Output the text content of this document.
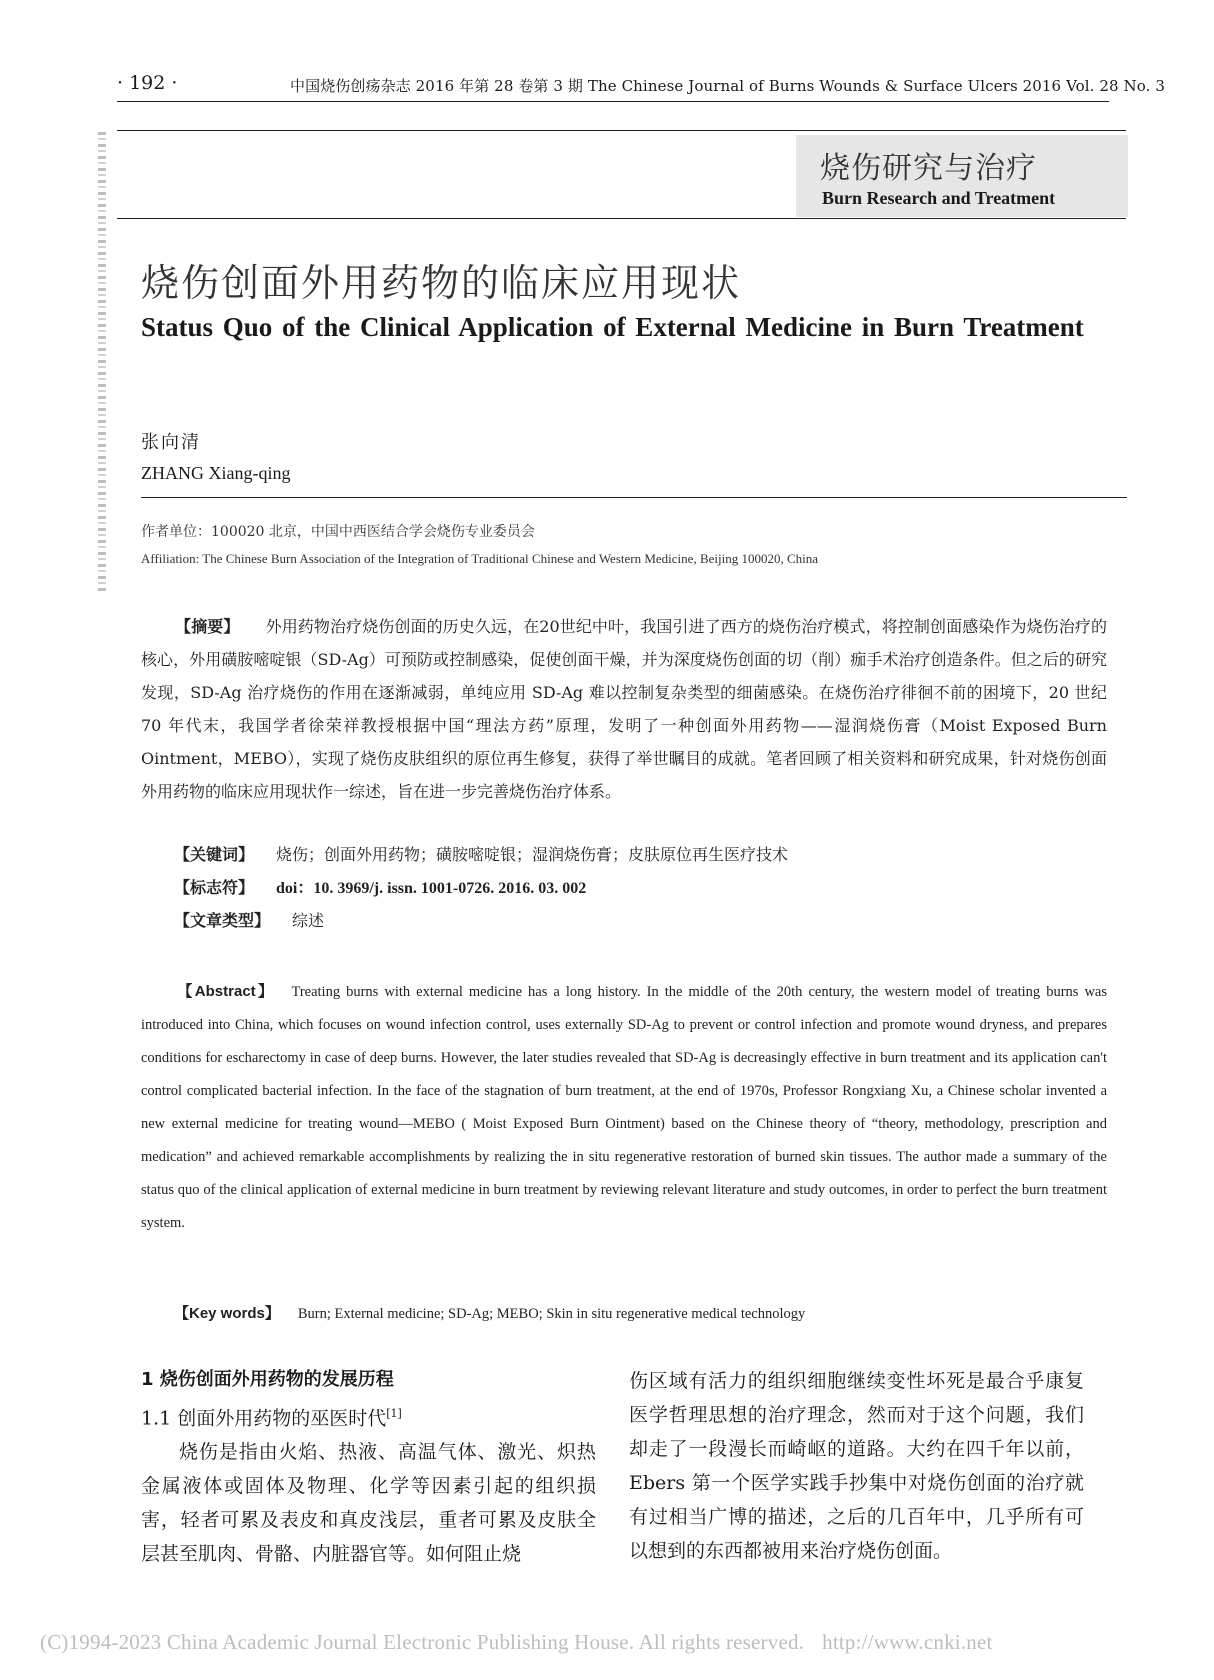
· 192 ·	中国烧伤创疡杂志 2016 年第 28 卷第 3 期 The Chinese Journal of Burns Wounds & Surface Ulcers 2016 Vol. 28 No. 3
烧伤研究与治疗
Burn Research and Treatment
烧伤创面外用药物的临床应用现状
Status Quo of the Clinical Application of External Medicine in Burn Treatment
张向清
ZHANG Xiang-qing
作者单位：100020 北京，中国中西医结合学会烧伤专业委员会
Affiliation: The Chinese Burn Association of the Integration of Traditional Chinese and Western Medicine, Beijing 100020, China
【摘要】 外用药物治疗烧伤创面的历史久远，在20世纪中叶，我国引进了西方的烧伤治疗模式，将控制创面感染作为烧伤治疗的核心，外用磺胺嘧啶银（SD-Ag）可预防或控制感染，促使创面干燥，并为深度烧伤创面的切（削）痂手术治疗创造条件。但之后的研究发现，SD-Ag 治疗烧伤的作用在逐渐减弱，单纯应用 SD-Ag 难以控制复杂类型的细菌感染。在烧伤治疗徘徊不前的困境下，20 世纪 70 年代末，我国学者徐荣祥教授根据中国“理法方药”原理，发明了一种创面外用药物——湿润烧伤膏（Moist Exposed Burn Ointment，MEBO），实现了烧伤皮肤组织的原位再生修复，获得了举世瞩目的成就。笔者回顾了相关资料和研究成果，针对烧伤创面外用药物的临床应用现状作一综述，旨在进一步完善烧伤治疗体系。
【关键词】 烧伤；创面外用药物；磺胺嘧啶银；湿润烧伤膏；皮肤原位再生医疗技术
【标志符】 doi：10. 3969/j. issn. 1001-0726. 2016. 03. 002
【文章类型】 综述
【Abstract】 Treating burns with external medicine has a long history. In the middle of the 20th century, the western model of treating burns was introduced into China, which focuses on wound infection control, uses externally SD-Ag to prevent or control infection and promote wound dryness, and prepares conditions for escharectomy in case of deep burns. However, the later studies revealed that SD-Ag is decreasingly effective in burn treatment and its application can't control complicated bacterial infection. In the face of the stagnation of burn treatment, at the end of 1970s, Professor Rongxiang Xu, a Chinese scholar invented a new external medicine for treating wound—MEBO ( Moist Exposed Burn Ointment) based on the Chinese theory of “theory, methodology, prescription and medication” and achieved remarkable accomplishments by realizing the in situ regenerative restoration of burned skin tissues. The author made a summary of the status quo of the clinical application of external medicine in burn treatment by reviewing relevant literature and study outcomes, in order to perfect the burn treatment system.
【Key words】 Burn; External medicine; SD-Ag; MEBO; Skin in situ regenerative medical technology
1 烧伤创面外用药物的发展历程
1.1 创面外用药物的巫医时代[1]
烧伤是指由火焰、热液、高温气体、激光、炽热金属液体或固体及物理、化学等因素引起的组织损害，轻者可累及表皮和真皮浅层，重者可累及皮肤全层甚至肌肉、骨骼、内脏器官等。如何阻止烧
伤区域有活力的组织细胞继续变性坏死是最合乎康复医学哲理思想的治疗理念，然而对于这个问题，我们却走了一段漫长而崎岖的道路。大约在四千年以前，Ebers 第一个医学实践手抄集中对烧伤创面的治疗就有过相当广博的描述，之后的几百年中，几乎所有可以想到的东西都被用来治疗烧伤创面。
(C)1994-2023 China Academic Journal Electronic Publishing House. All rights reserved. http://www.cnki.net
